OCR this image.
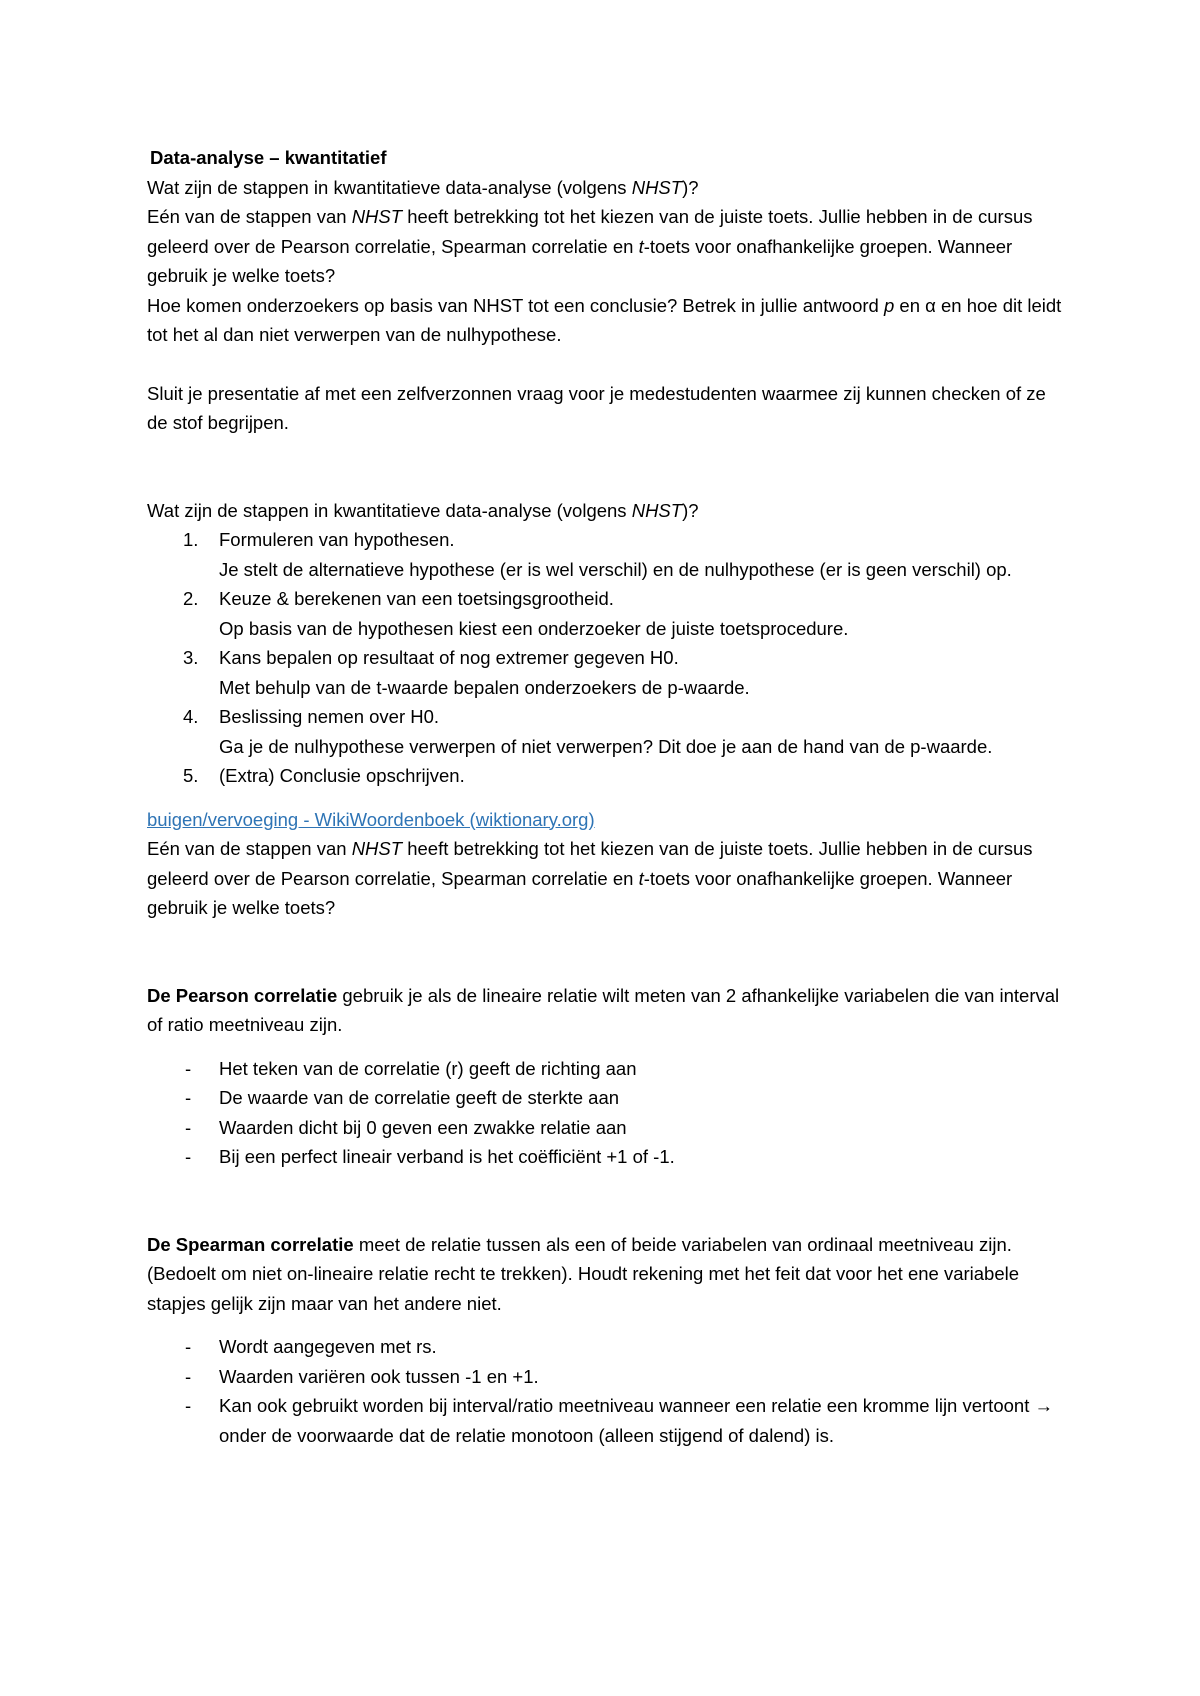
Data-analyse – kwantitatief

Wat zijn de stappen in kwantitatieve data-analyse (volgens NHST)?

Eén van de stappen van NHST heeft betrekking tot het kiezen van de juiste toets. Jullie hebben in de cursus geleerd over de Pearson correlatie, Spearman correlatie en t-toets voor onafhankelijke groepen. Wanneer gebruik je welke toets?

Hoe komen onderzoekers op basis van NHST tot een conclusie? Betrek in jullie antwoord p en α en hoe dit leidt tot het al dan niet verwerpen van de nulhypothese.

Sluit je presentatie af met een zelfverzonnen vraag voor je medestudenten waarmee zij kunnen checken of ze de stof begrijpen.

Wat zijn de stappen in kwantitatieve data-analyse (volgens NHST)?

1. Formuleren van hypothesen.
Je stelt de alternatieve hypothese (er is wel verschil) en de nulhypothese (er is geen verschil) op.
2. Keuze & berekenen van een toetsingsgrootheid.
Op basis van de hypothesen kiest een onderzoeker de juiste toetsprocedure.
3. Kans bepalen op resultaat of nog extremer gegeven H0.
Met behulp van de t-waarde bepalen onderzoekers de p-waarde.
4. Beslissing nemen over H0.
Ga je de nulhypothese verwerpen of niet verwerpen? Dit doe je aan de hand van de p-waarde.
5. (Extra) Conclusie opschrijven.

buigen/vervoeging - WikiWoordenboek (wiktionary.org)

Eén van de stappen van NHST heeft betrekking tot het kiezen van de juiste toets. Jullie hebben in de cursus geleerd over de Pearson correlatie, Spearman correlatie en t-toets voor onafhankelijke groepen. Wanneer gebruik je welke toets?

De Pearson correlatie gebruik je als de lineaire relatie wilt meten van 2 afhankelijke variabelen die van interval of ratio meetniveau zijn.

- Het teken van de correlatie (r) geeft de richting aan
- De waarde van de correlatie geeft de sterkte aan
- Waarden dicht bij 0 geven een zwakke relatie aan
- Bij een perfect lineair verband is het coëfficiënt +1 of -1.

De Spearman correlatie meet de relatie tussen als een of beide variabelen van ordinaal meetniveau zijn. (Bedoelt om niet on-lineaire relatie recht te trekken). Houdt rekening met het feit dat voor het ene variabele stapjes gelijk zijn maar van het andere niet.

- Wordt aangegeven met rs.
- Waarden variëren ook tussen -1 en +1.
- Kan ook gebruikt worden bij interval/ratio meetniveau wanneer een relatie een kromme lijn vertoont → onder de voorwaarde dat de relatie monotoon (alleen stijgend of dalend) is.
